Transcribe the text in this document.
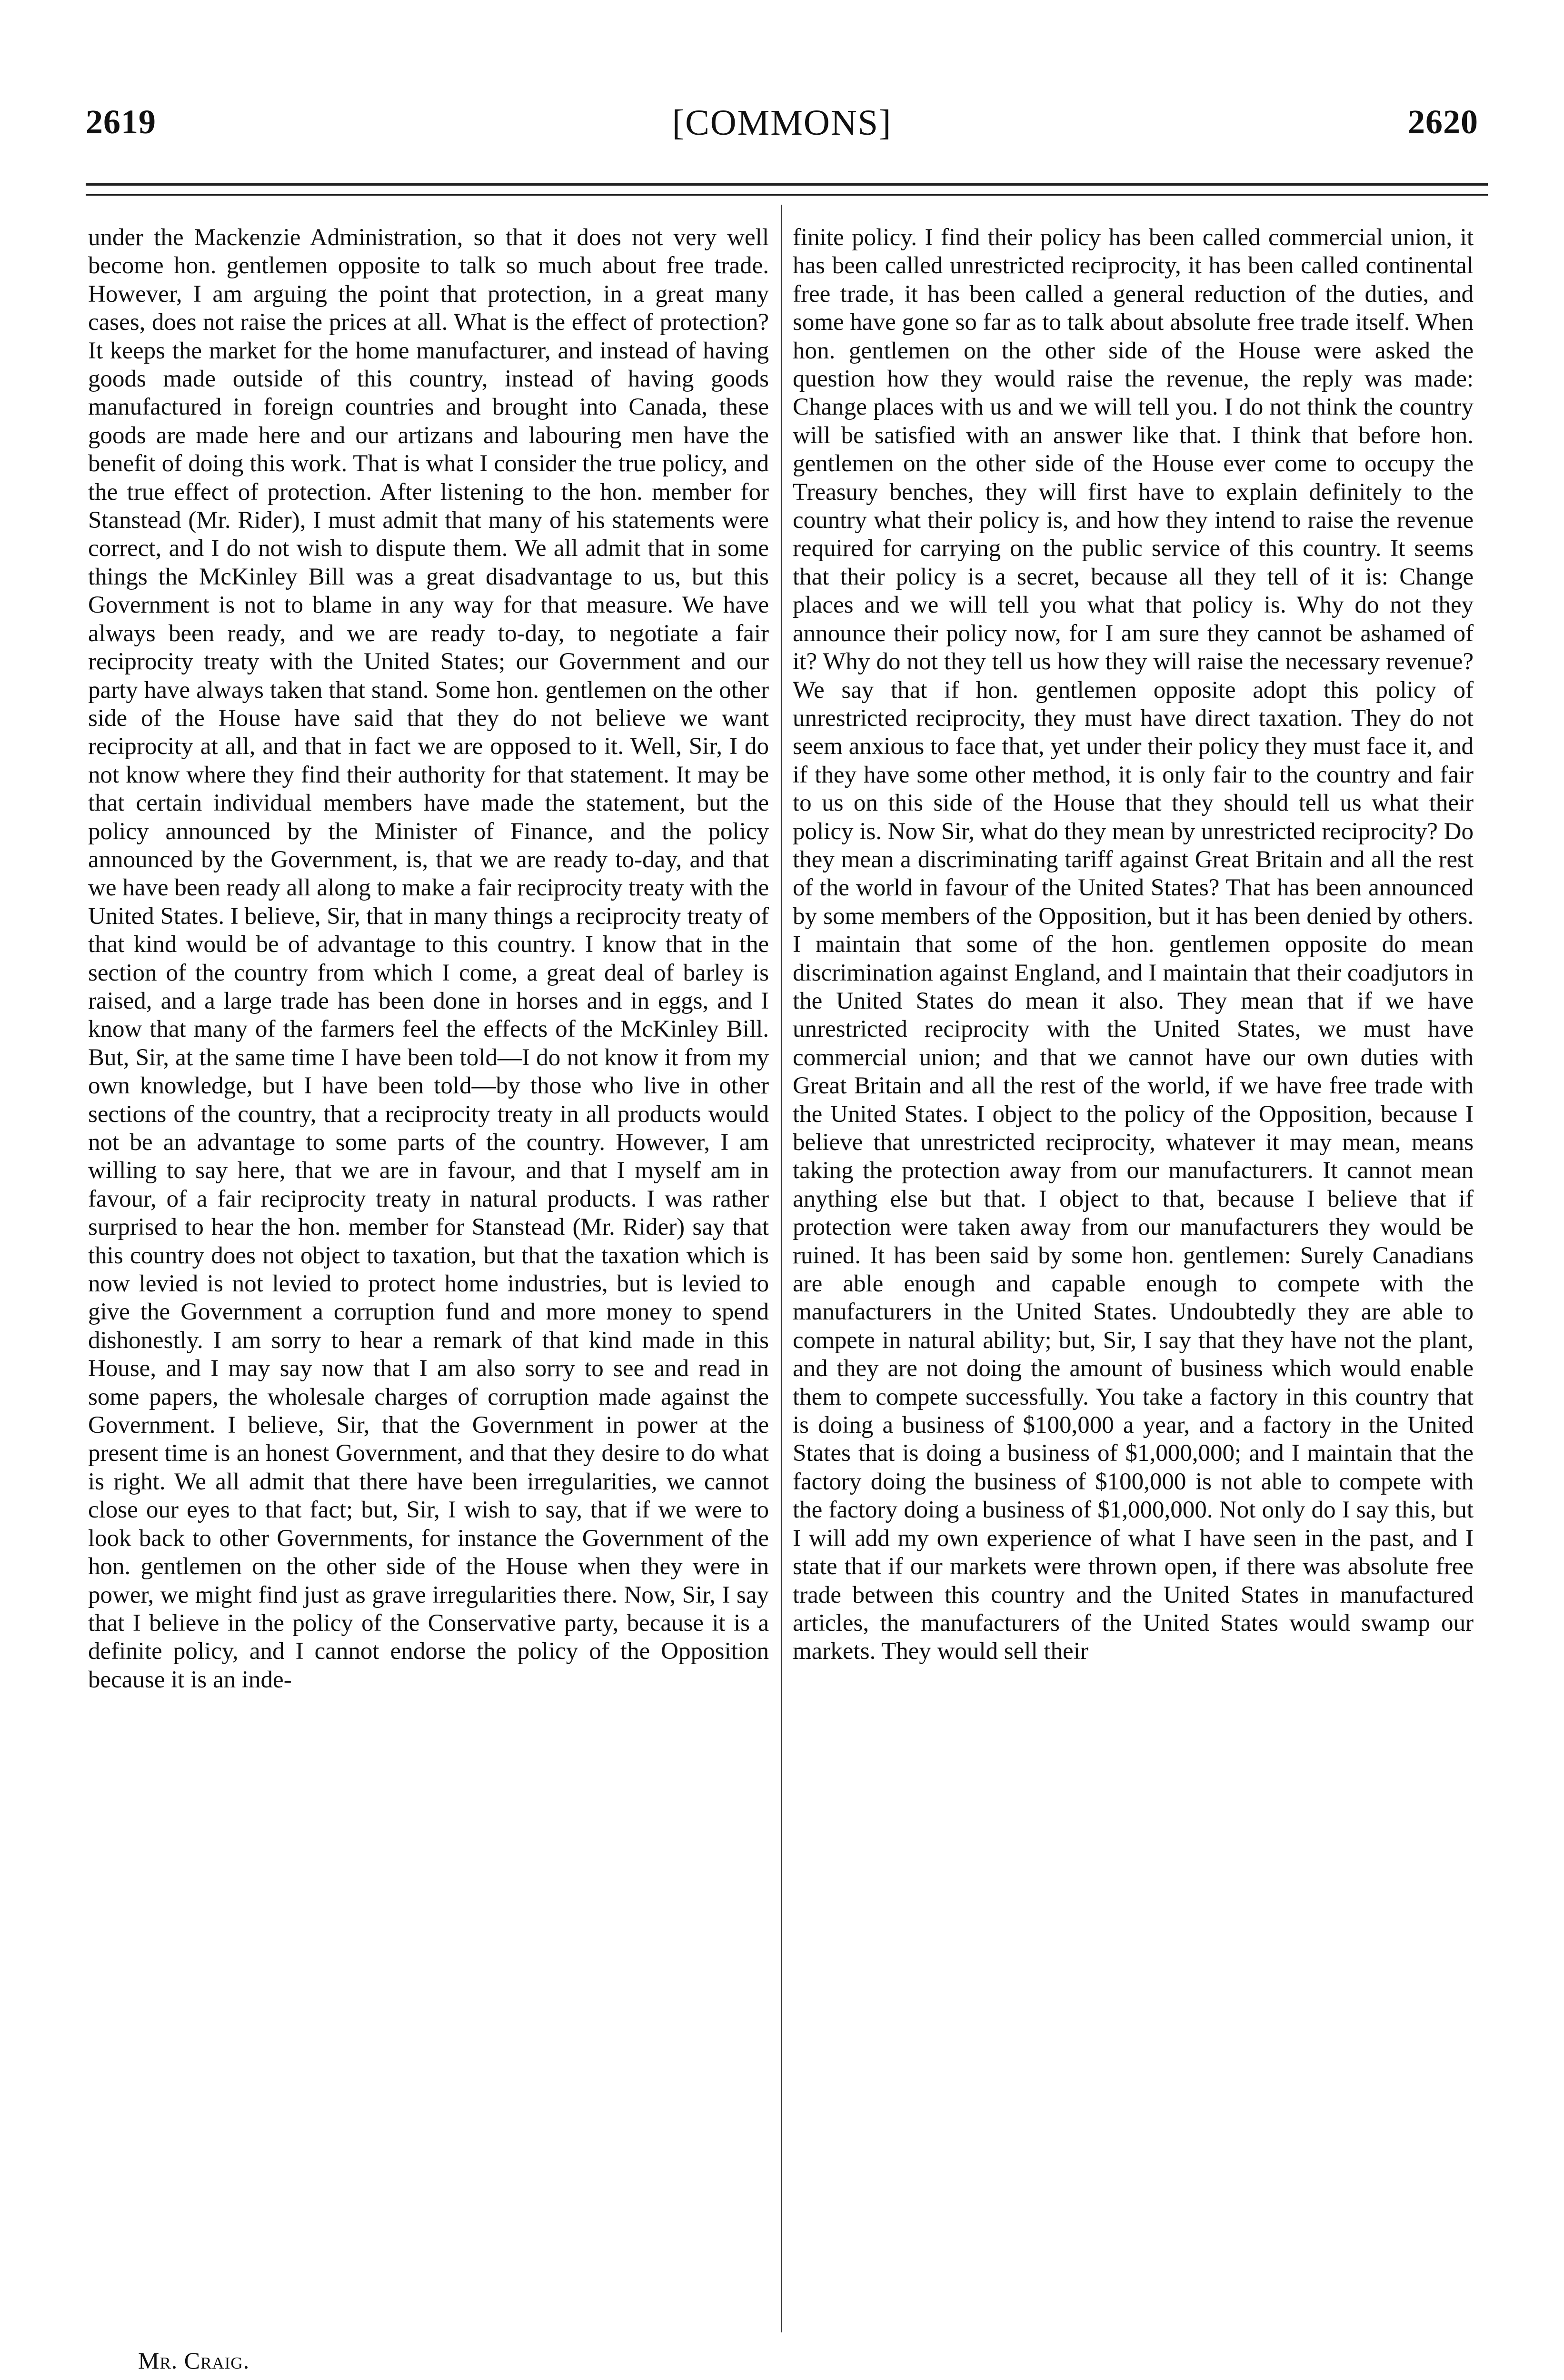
2619	[COMMONS]	2620

under the Mackenzie Administration, so that it does not very well become hon. gentlemen opposite to talk so much about free trade. However, I am arguing the point that protection, in a great many cases, does not raise the prices at all. What is the effect of protection? It keeps the market for the home manufacturer, and instead of having goods made outside of this country, instead of having goods manufactured in foreign countries and brought into Canada, these goods are made here and our artizans and labouring men have the benefit of doing this work. That is what I consider the true policy, and the true effect of protection. After listening to the hon. member for Stanstead (Mr. Rider), I must admit that many of his statements were correct, and I do not wish to dispute them. We all admit that in some things the McKinley Bill was a great disadvantage to us, but this Government is not to blame in any way for that measure. We have always been ready, and we are ready to-day, to negotiate a fair reciprocity treaty with the United States; our Government and our party have always taken that stand. Some hon. gentlemen on the other side of the House have said that they do not believe we want reciprocity at all, and that in fact we are opposed to it. Well, Sir, I do not know where they find their authority for that statement. It may be that certain individual members have made the statement, but the policy announced by the Minister of Finance, and the policy announced by the Government, is, that we are ready to-day, and that we have been ready all along to make a fair reciprocity treaty with the United States. I believe, Sir, that in many things a reciprocity treaty of that kind would be of advantage to this country. I know that in the section of the country from which I come, a great deal of barley is raised, and a large trade has been done in horses and in eggs, and I know that many of the farmers feel the effects of the McKinley Bill. But, Sir, at the same time I have been told—I do not know it from my own knowledge, but I have been told—by those who live in other sections of the country, that a reciprocity treaty in all products would not be an advantage to some parts of the country. However, I am willing to say here, that we are in favour, and that I myself am in favour, of a fair reciprocity treaty in natural products. I was rather surprised to hear the hon. member for Stanstead (Mr. Rider) say that this country does not object to taxation, but that the taxation which is now levied is not levied to protect home industries, but is levied to give the Government a corruption fund and more money to spend dishonestly. I am sorry to hear a remark of that kind made in this House, and I may say now that I am also sorry to see and read in some papers, the wholesale charges of corruption made against the Government. I believe, Sir, that the Government in power at the present time is an honest Government, and that they desire to do what is right. We all admit that there have been irregularities, we cannot close our eyes to that fact; but, Sir, I wish to say, that if we were to look back to other Governments, for instance the Government of the hon. gentlemen on the other side of the House when they were in power, we might find just as grave irregularities there. Now, Sir, I say that I believe in the policy of the Conservative party, because it is a definite policy, and I cannot endorse the policy of the Opposition because it is an inde-

finite policy. I find their policy has been called commercial union, it has been called unrestricted reciprocity, it has been called continental free trade, it has been called a general reduction of the duties, and some have gone so far as to talk about absolute free trade itself. When hon. gentlemen on the other side of the House were asked the question how they would raise the revenue, the reply was made: Change places with us and we will tell you. I do not think the country will be satisfied with an answer like that. I think that before hon. gentlemen on the other side of the House ever come to occupy the Treasury benches, they will first have to explain definitely to the country what their policy is, and how they intend to raise the revenue required for carrying on the public service of this country. It seems that their policy is a secret, because all they tell of it is: Change places and we will tell you what that policy is. Why do not they announce their policy now, for I am sure they cannot be ashamed of it? Why do not they tell us how they will raise the necessary revenue? We say that if hon. gentlemen opposite adopt this policy of unrestricted reciprocity, they must have direct taxation. They do not seem anxious to face that, yet under their policy they must face it, and if they have some other method, it is only fair to the country and fair to us on this side of the House that they should tell us what their policy is. Now Sir, what do they mean by unrestricted reciprocity? Do they mean a discriminating tariff against Great Britain and all the rest of the world in favour of the United States? That has been announced by some members of the Opposition, but it has been denied by others. I maintain that some of the hon. gentlemen opposite do mean discrimination against England, and I maintain that their coadjutors in the United States do mean it also. They mean that if we have unrestricted reciprocity with the United States, we must have commercial union; and that we cannot have our own duties with Great Britain and all the rest of the world, if we have free trade with the United States. I object to the policy of the Opposition, because I believe that unrestricted reciprocity, whatever it may mean, means taking the protection away from our manufacturers. It cannot mean anything else but that. I object to that, because I believe that if protection were taken away from our manufacturers they would be ruined. It has been said by some hon. gentlemen: Surely Canadians are able enough and capable enough to compete with the manufacturers in the United States. Undoubtedly they are able to compete in natural ability; but, Sir, I say that they have not the plant, and they are not doing the amount of business which would enable them to compete successfully. You take a factory in this country that is doing a business of $100,000 a year, and a factory in the United States that is doing a business of $1,000,000; and I maintain that the factory doing the business of $100,000 is not able to compete with the factory doing a business of $1,000,000. Not only do I say this, but I will add my own experience of what I have seen in the past, and I state that if our markets were thrown open, if there was absolute free trade between this country and the United States in manufactured articles, the manufacturers of the United States would swamp our markets. They would sell their

Mr. Craig.
